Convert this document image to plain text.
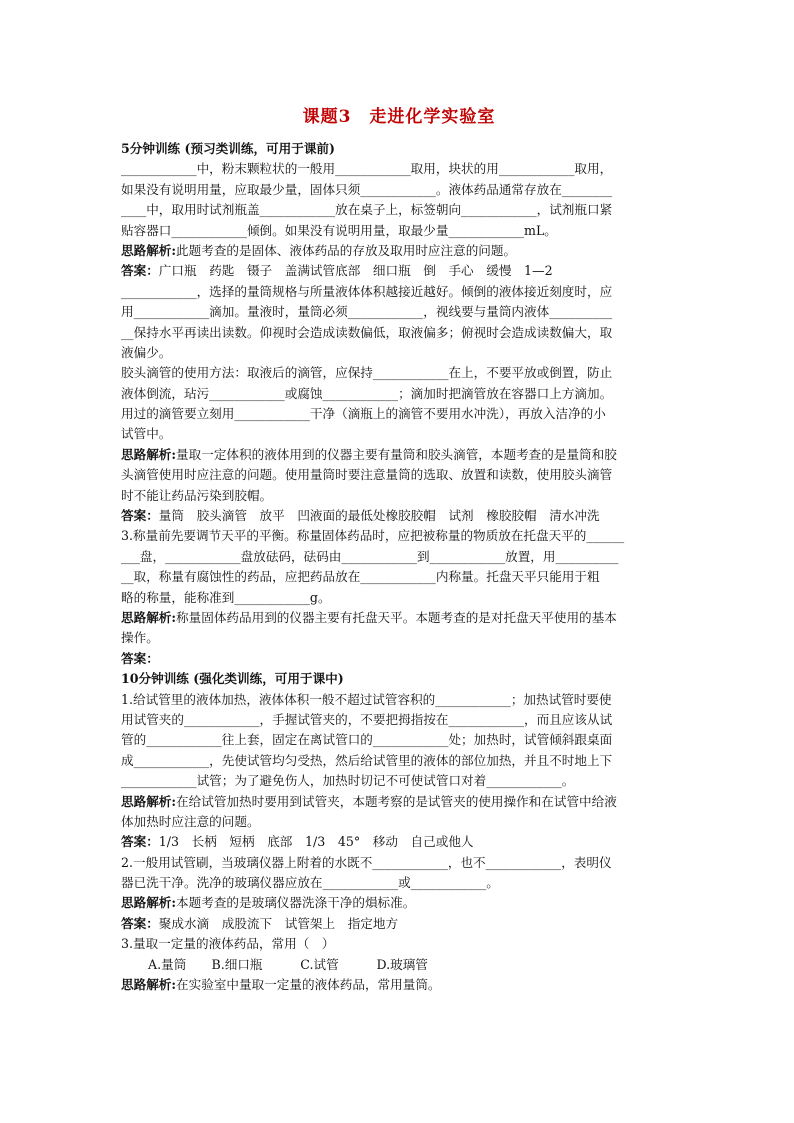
课题3　走进化学实验室
5分钟训练 (预习类训练，可用于课前)
____________中，粉末颗粒状的一般用____________取用，块状的用____________取用，
如果没有说明用量，应取最少量，固体只须____________。液体药品通常存放在________
____中，取用时试剂瓶盖____________放在桌子上，标签朝向____________，试剂瓶口紧
贴容器口____________倾倒。如果没有说明用量，取最少量____________mL。
思路解析:此题考查的是固体、液体药品的存放及取用时应注意的问题。
答案：广口瓶　药匙　镊子　盖满试管底部　细口瓶　倒　手心　缓慢　1—2
____________，选择的量筒规格与所量液体体积越接近越好。倾倒的液体接近刻度时，应
用____________滴加。量液时，量筒必须____________，视线要与量筒内液体__________
__保持水平再读出读数。仰视时会造成读数偏低，取液偏多；俯视时会造成读数偏大，取
液偏少。
胶头滴管的使用方法：取液后的滴管，应保持____________在上，不要平放或倒置，防止
液体倒流，玷污____________或腐蚀____________；滴加时把滴管放在容器口上方滴加。
用过的滴管要立刻用____________干净（滴瓶上的滴管不要用水冲洗），再放入洁净的小
试管中。
思路解析:量取一定体积的液体用到的仪器主要有量筒和胶头滴管，本题考查的是量筒和胶
头滴管使用时应注意的问题。使用量筒时要注意量筒的选取、放置和读数，使用胶头滴管
时不能让药品污染到胶帽。
答案：量筒　胶头滴管　放平　凹液面的最低处橡胶胶帽　试剂　橡胶胶帽　清水冲洗
3.称量前先要调节天平的平衡。称量固体药品时，应把被称量的物质放在托盘天平的______
___盘，____________盘放砝码，砝码由____________到____________放置，用__________
__取，称量有腐蚀性的药品，应把药品放在____________内称量。托盘天平只能用于粗
略的称量，能称准到____________g。
思路解析:称量固体药品用到的仪器主要有托盘天平。本题考查的是对托盘天平使用的基本
操作。
答案：
10分钟训练 (强化类训练，可用于课中)
1.给试管里的液体加热，液体体积一般不超过试管容积的____________；加热试管时要使
用试管夹的____________，手握试管夹的，不要把拇指按在____________，而且应该从试
管的____________往上套，固定在离试管口的____________处；加热时，试管倾斜跟桌面
成____________，先使试管均匀受热，然后给试管里的液体的部位加热，并且不时地上下
____________试管；为了避免伤人，加热时切记不可使试管口对着____________。
思路解析:在给试管加热时要用到试管夹，本题考察的是试管夹的使用操作和在试管中给液
体加热时应注意的问题。
答案：1/3　长柄　短柄　底部　1/3　45°　移动　自己或他人
2.一般用试管刷，当玻璃仪器上附着的水既不____________，也不____________，表明仪
器已洗干净。洗净的玻璃仪器应放在____________或____________。
思路解析:本题考查的是玻璃仪器洗涤干净的熉标准。
答案：聚成水滴　成股流下　试管架上　指定地方
3.量取一定量的液体药品，常用（　）
A.量筒　　B.细口瓶　　　C.试管　　　D.玻璃管
思路解析:在实验室中量取一定量的液体药品，常用量筒。
